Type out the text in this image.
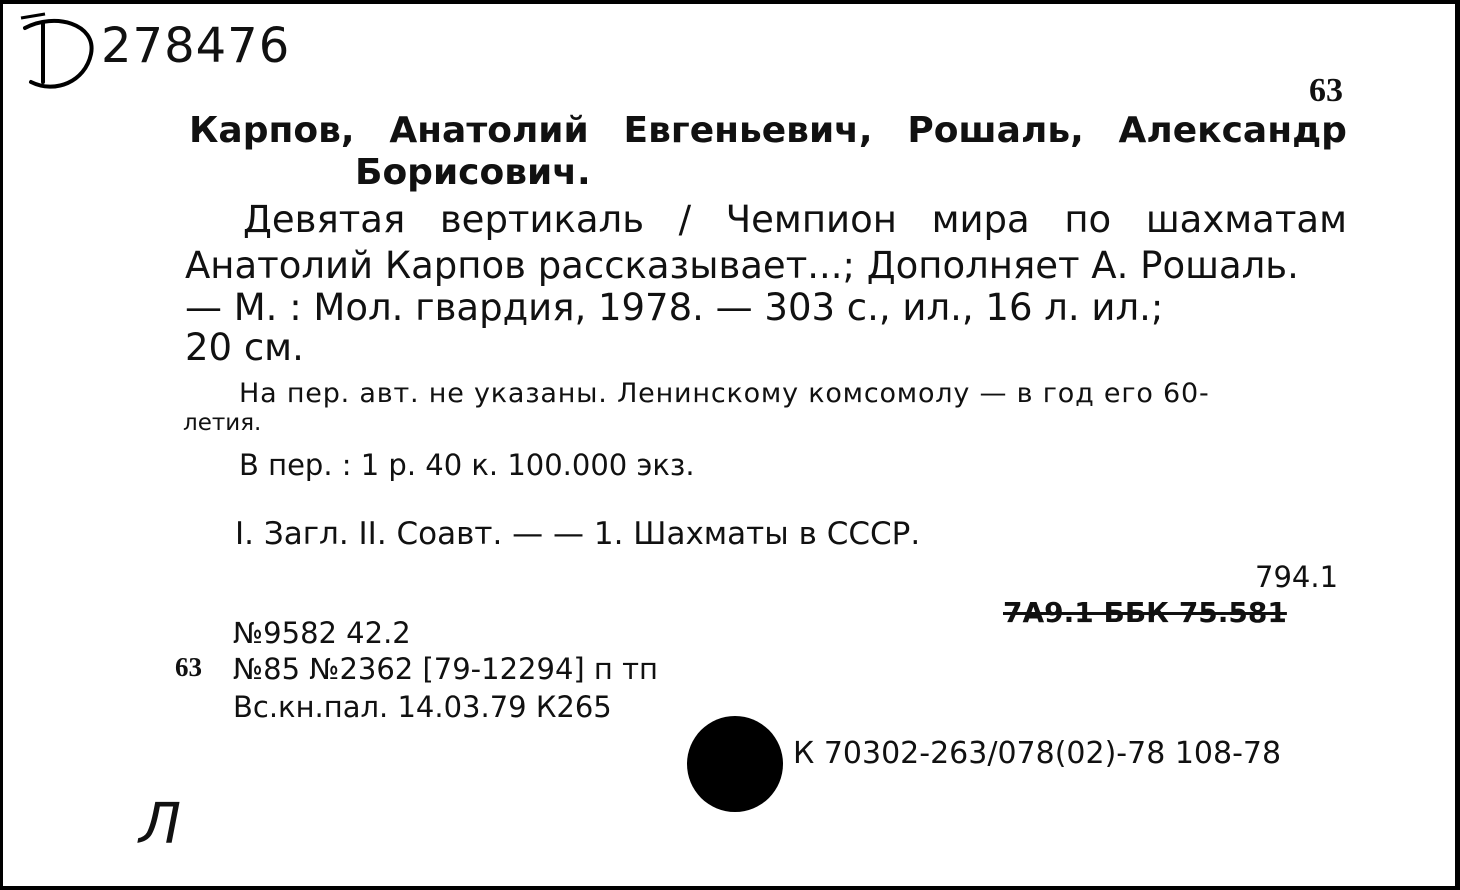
278476
63
Карпов, Анатолий Евгеньевич, Рошаль, Александр
Борисович.
Девятая вертикаль / Чемпион мира по шахматам
Анатолий Карпов рассказывает...; Дополняет А. Рошаль.
— М. : Мол. гвардия, 1978. — 303 с., ил., 16 л. ил.;
20 см.
На пер. авт. не указаны. Ленинскому комсомолу — в год его 60-
летия.
В пер. : 1 р. 40 к. 100.000 экз.
I. Загл. II. Соавт. — — 1. Шахматы в СССР.
794.1
7А9.1 ББК 75.581
№9582 42.2
63 №85 №2362 [79-12294] п тп
Вс.кн.пал. 14.03.79 К265
К 70302-263/078(02)-78 108-78
Л
